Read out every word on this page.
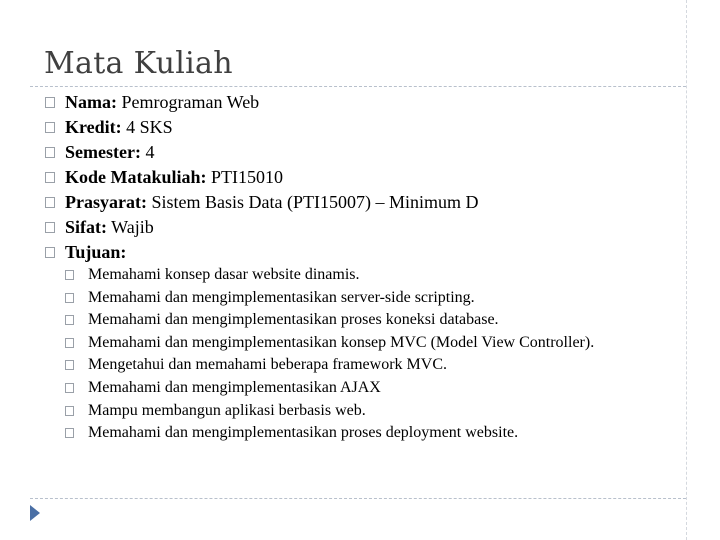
Mata Kuliah
Nama: Pemrograman Web
Kredit: 4 SKS
Semester: 4
Kode Matakuliah: PTI15010
Prasyarat: Sistem Basis Data (PTI15007) – Minimum D
Sifat: Wajib
Tujuan:
Memahami konsep dasar website dinamis.
Memahami dan mengimplementasikan server-side scripting.
Memahami dan mengimplementasikan proses koneksi database.
Memahami dan mengimplementasikan konsep MVC (Model View Controller).
Mengetahui dan memahami beberapa framework MVC.
Memahami dan mengimplementasikan AJAX
Mampu membangun aplikasi berbasis web.
Memahami dan mengimplementasikan proses deployment website.
